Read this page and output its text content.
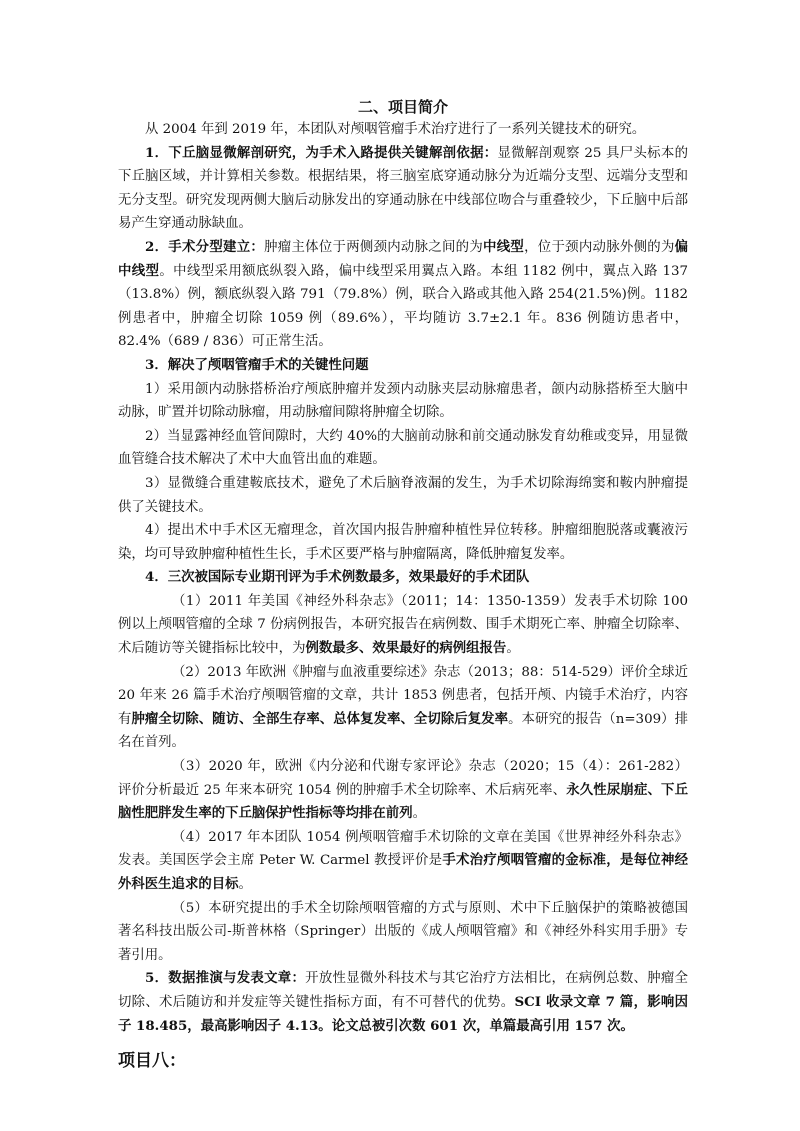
二、项目简介

从 2004 年到 2019 年，本团队对颅咽管瘤手术治疗进行了一系列关键技术的研究。

1．下丘脑显微解剖研究，为手术入路提供关键解剖依据：显微解剖观察 25 具尸头标本的下丘脑区域，并计算相关参数。根据结果，将三脑室底穿通动脉分为近端分支型、远端分支型和无分支型。研究发现两侧大脑后动脉发出的穿通动脉在中线部位吻合与重叠较少，下丘脑中后部易产生穿通动脉缺血。

2．手术分型建立：肿瘤主体位于两侧颈内动脉之间的为中线型，位于颈内动脉外侧的为偏中线型。中线型采用额底纵裂入路，偏中线型采用翼点入路。本组 1182 例中，翼点入路 137（13.8%）例，额底纵裂入路 791（79.8%）例，联合入路或其他入路 254(21.5%)例。1182 例患者中，肿瘤全切除 1059 例（89.6%），平均随访 3.7±2.1 年。836 例随访患者中，82.4%（689 / 836）可正常生活。

3．解决了颅咽管瘤手术的关键性问题

1）采用颌内动脉搭桥治疗颅底肿瘤并发颈内动脉夹层动脉瘤患者，颌内动脉搭桥至大脑中动脉，旷置并切除动脉瘤，用动脉瘤间隙将肿瘤全切除。

2）当显露神经血管间隙时，大约 40%的大脑前动脉和前交通动脉发育幼稚或变异，用显微血管缝合技术解决了术中大血管出血的难题。

3）显微缝合重建鞍底技术，避免了术后脑脊液漏的发生，为手术切除海绵窦和鞍内肿瘤提供了关键技术。

4）提出术中手术区无瘤理念，首次国内报告肿瘤种植性异位转移。肿瘤细胞脱落或囊液污染，均可导致肿瘤种植性生长，手术区要严格与肿瘤隔离，降低肿瘤复发率。

4．三次被国际专业期刊评为手术例数最多，效果最好的手术团队

（1）2011 年美国《神经外科杂志》（2011；14：1350-1359）发表手术切除 100 例以上颅咽管瘤的全球 7 份病例报告，本研究报告在病例数、围手术期死亡率、肿瘤全切除率、术后随访等关键指标比较中，为例数最多、效果最好的病例组报告。

（2）2013 年欧洲《肿瘤与血液重要综述》杂志（2013；88：514-529）评价全球近 20 年来 26 篇手术治疗颅咽管瘤的文章，共计 1853 例患者，包括开颅、内镜手术治疗，内容有肿瘤全切除、随访、全部生存率、总体复发率、全切除后复发率。本研究的报告（n=309）排名在首列。

（3）2020 年，欧洲《内分泌和代谢专家评论》杂志（2020；15（4）：261-282）评价分析最近 25 年来本研究 1054 例的肿瘤手术全切除率、术后病死率、永久性尿崩症、下丘脑性肥胖发生率的下丘脑保护性指标等均排在前列。

（4）2017 年本团队 1054 例颅咽管瘤手术切除的文章在美国《世界神经外科杂志》发表。美国医学会主席 Peter W. Carmel 教授评价是手术治疗颅咽管瘤的金标准，是每位神经外科医生追求的目标。

（5）本研究提出的手术全切除颅咽管瘤的方式与原则、术中下丘脑保护的策略被德国著名科技出版公司-斯普林格（Springer）出版的《成人颅咽管瘤》和《神经外科实用手册》专著引用。

5．数据推演与发表文章：开放性显微外科技术与其它治疗方法相比，在病例总数、肿瘤全切除、术后随访和并发症等关键性指标方面，有不可替代的优势。SCI 收录文章 7 篇，影响因子 18.485，最高影响因子 4.13。论文总被引次数 601 次，单篇最高引用 157 次。

项目八：
